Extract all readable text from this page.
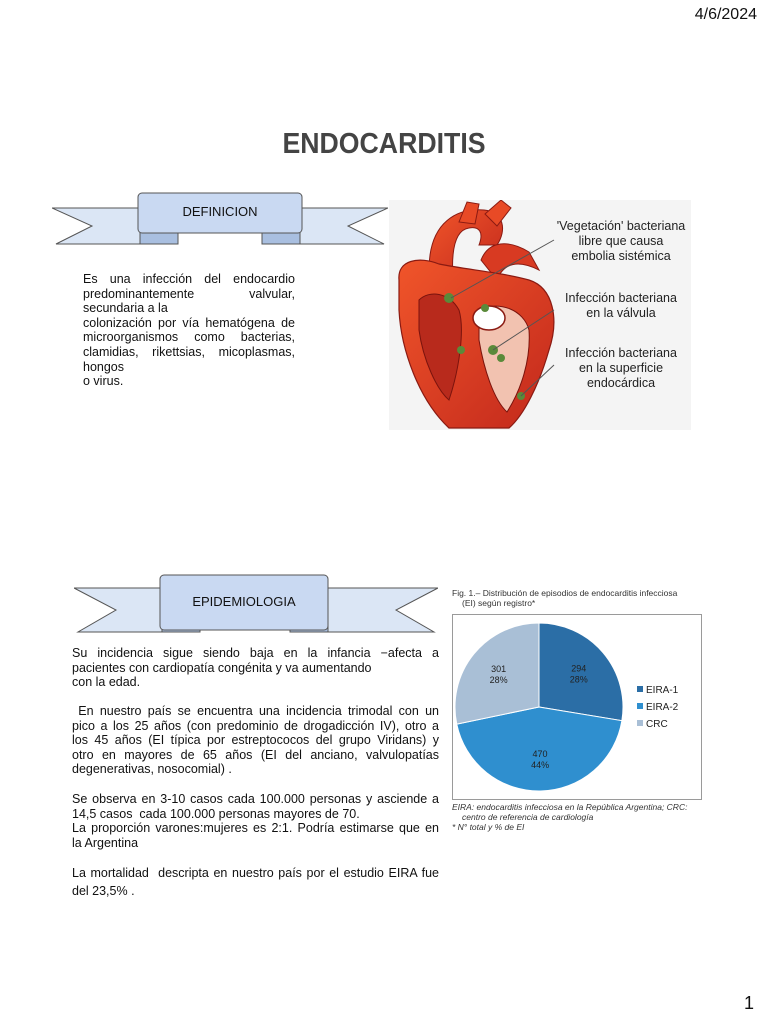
4/6/2024
1
ENDOCARDITIS
DEFINICION
Es una infección del endocardio
predominantemente valvular,
secundaria a la
colonización por vía hematógena de
microorganismos como bacterias,
clamidias, rikettsias, micoplasmas,
hongos
o virus.
'Vegetación' bacteriana
libre que causa
embolia sistémica
Infección bacteriana
en la válvula
Infección bacteriana
en la superficie
endocárdica
EPIDEMIOLOGIA
Su incidencia sigue siendo baja en la infancia −afecta a
pacientes con cardiopatía congénita y va aumentando
con la edad.
En nuestro país se encuentra una incidencia trimodal con un
pico a los 25 años (con predominio de drogadicción IV), otro a
los 45 años (EI típica por estreptococos del grupo Viridans) y
otro en mayores de 65 años (EI del anciano, valvulopatías
degenerativas, nosocomial) .
Se observa en 3-10 casos cada 100.000 personas y asciende a
14,5 casos  cada 100.000 personas mayores de 70.
La proporción varones:mujeres es 2:1. Podría estimarse que en
la Argentina
La mortalidad  descripta en nuestro país por el estudio EIRA fue
del 23,5% .
Fig. 1.– Distribución de episodios de endocarditis infecciosa
(EI) según registro*
294
28%
470
44%
301
28%
EIRA-1
EIRA-2
CRC
EIRA: endocarditis infecciosa en la República Argentina; CRC:
centro de referencia de cardiología
* N° total y % de EI
